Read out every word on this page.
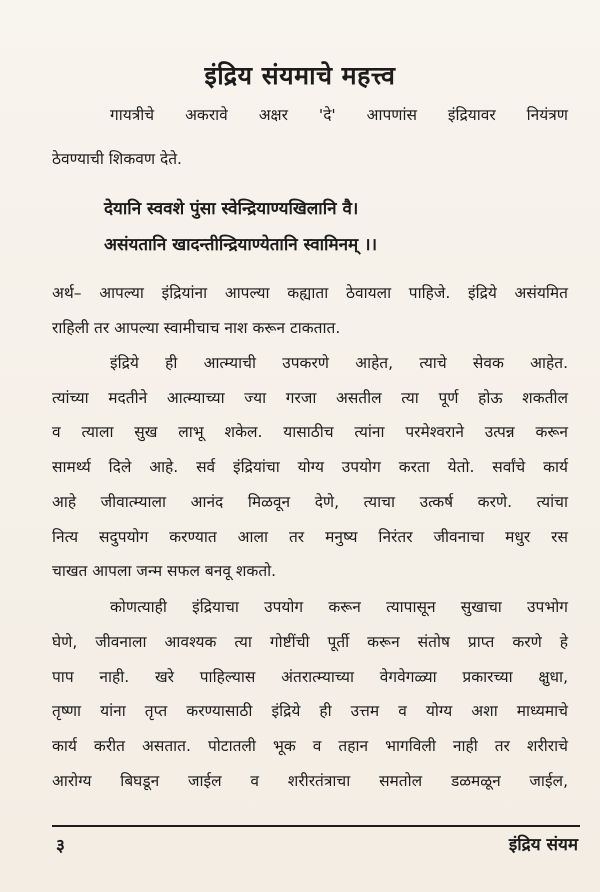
इंद्रिय संयमाचे महत्त्व
गायत्रीचे अकरावे अक्षर 'दे' आपणांस इंद्रियावर नियंत्रण
ठेवण्याची शिकवण देते.
देयानि स्ववशे पुंसा स्वेन्द्रियाण्यखिलानि वै।
असंयतानि खादन्तीन्द्रियाण्येतानि स्वामिनम् ।।
अर्थ– आपल्या इंद्रियांना आपल्या कह्याता ठेवायला पाहिजे. इंद्रिये असंयमित
राहिली तर आपल्या स्वामीचाच नाश करून टाकतात.
इंद्रिये ही आत्म्याची उपकरणे आहेत, त्याचे सेवक आहेत.
त्यांच्या मदतीने आत्म्याच्या ज्या गरजा असतील त्या पूर्ण होऊ शकतील
व त्याला सुख लाभू शकेल. यासाठीच त्यांना परमेश्वराने उत्पन्न करून
सामर्थ्य दिले आहे. सर्व इंद्रियांचा योग्य उपयोग करता येतो. सर्वांचे कार्य
आहे जीवात्म्याला आनंद मिळवून देणे, त्याचा उत्कर्ष करणे. त्यांचा
नित्य सदुपयोग करण्यात आला तर मनुष्य निरंतर जीवनाचा मधुर रस
चाखत आपला जन्म सफल बनवू शकतो.
कोणत्याही इंद्रियाचा उपयोग करून त्यापासून सुखाचा उपभोग
घेणे, जीवनाला आवश्यक त्या गोष्टींची पूर्ती करून संतोष प्राप्त करणे हे
पाप नाही. खरे पाहिल्यास अंतरात्म्याच्या वेगवेगळ्या प्रकारच्या क्षुधा,
तृष्णा यांना तृप्त करण्यासाठी इंद्रिये ही उत्तम व योग्य अशा माध्यमाचे
कार्य करीत असतात. पोटातली भूक व तहान भागविली नाही तर शरीराचे
आरोग्य बिघडून जाईल व शरीरतंत्राचा समतोल डळमळून जाईल,
३	इंद्रिय संयम
